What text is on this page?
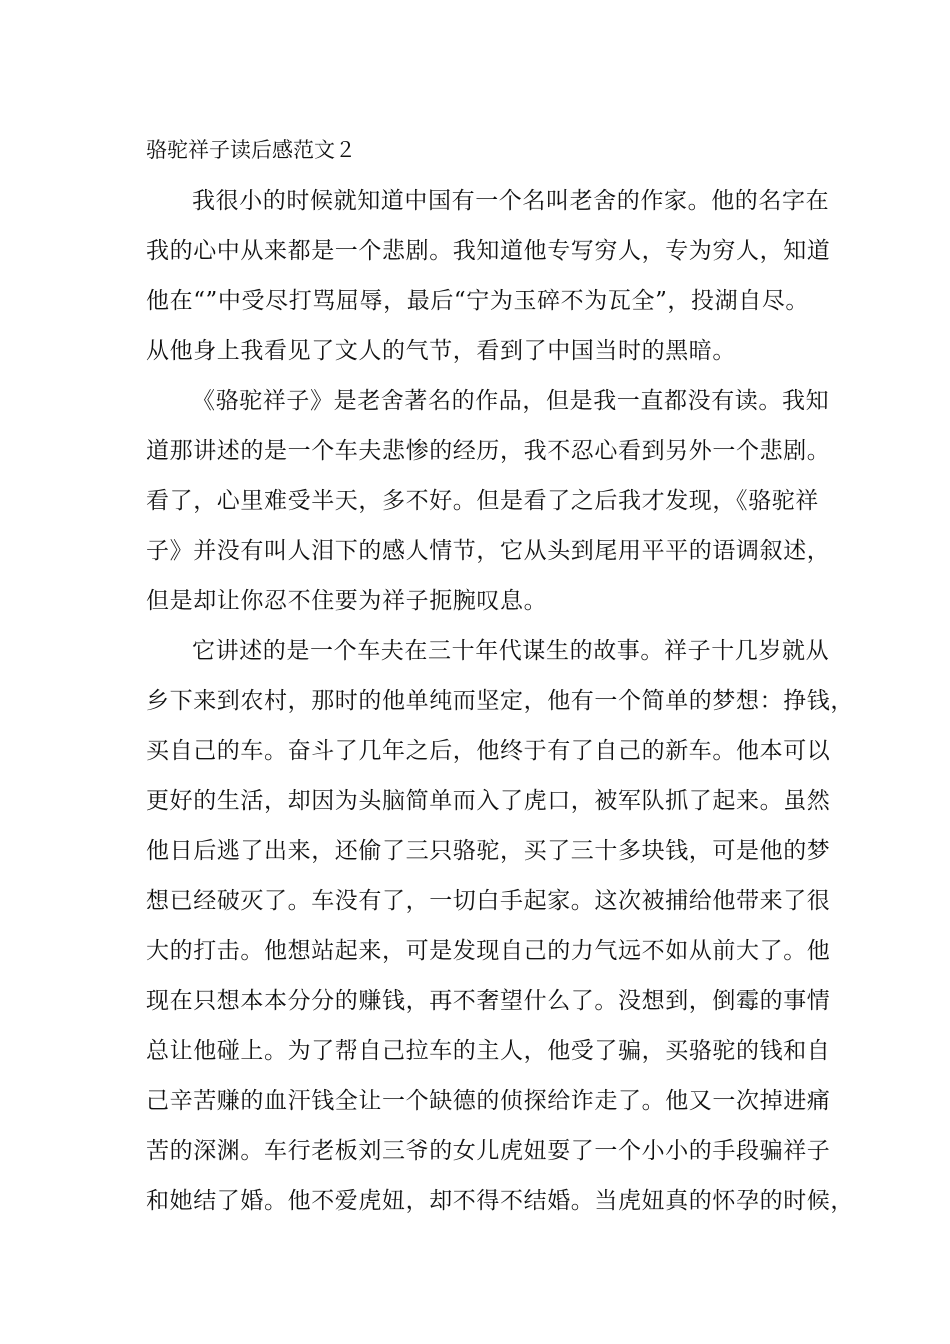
骆驼祥子读后感范文２
我很小的时候就知道中国有一个名叫老舍的作家。他的名字在
我的心中从来都是一个悲剧。我知道他专写穷人，专为穷人，知道
他在“”中受尽打骂屈辱，最后“宁为玉碎不为瓦全”，投湖自尽。
从他身上我看见了文人的气节，看到了中国当时的黑暗。
《骆驼祥子》是老舍著名的作品，但是我一直都没有读。我知
道那讲述的是一个车夫悲惨的经历，我不忍心看到另外一个悲剧。
看了，心里难受半天，多不好。但是看了之后我才发现，《骆驼祥
子》并没有叫人泪下的感人情节，它从头到尾用平平的语调叙述，
但是却让你忍不住要为祥子扼腕叹息。
它讲述的是一个车夫在三十年代谋生的故事。祥子十几岁就从
乡下来到农村，那时的他单纯而坚定，他有一个简单的梦想：挣钱，
买自己的车。奋斗了几年之后，他终于有了自己的新车。他本可以
更好的生活，却因为头脑简单而入了虎口，被军队抓了起来。虽然
他日后逃了出来，还偷了三只骆驼，买了三十多块钱，可是他的梦
想已经破灭了。车没有了，一切白手起家。这次被捕给他带来了很
大的打击。他想站起来，可是发现自己的力气远不如从前大了。他
现在只想本本分分的赚钱，再不奢望什么了。没想到，倒霉的事情
总让他碰上。为了帮自己拉车的主人，他受了骗，买骆驼的钱和自
己辛苦赚的血汗钱全让一个缺德的侦探给诈走了。他又一次掉进痛
苦的深渊。车行老板刘三爷的女儿虎妞耍了一个小小的手段骗祥子
和她结了婚。他不爱虎妞，却不得不结婚。当虎妞真的怀孕的时候，
